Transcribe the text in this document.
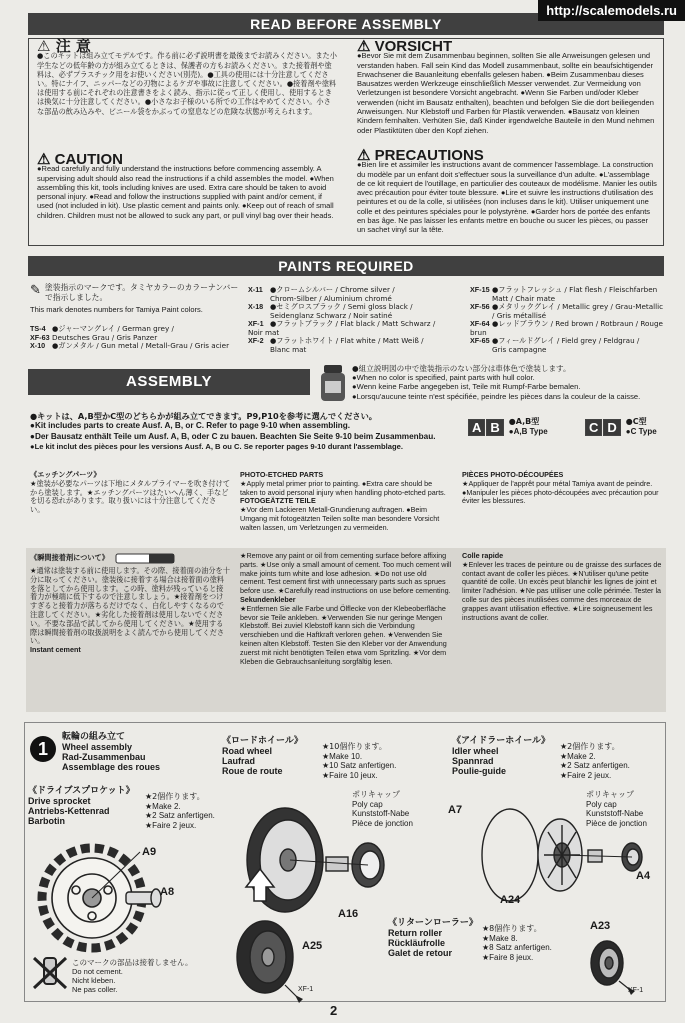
http://scalemodels.ru
READ BEFORE ASSEMBLY
⚠ 注 意
●このキットは組み立てモデルです。作る前に必ず説明書を最後までお読みください。また小学生などの低年齢の方が組み立てるときは、保護者の方もお読みください。また接着剤や塗料は、必ずプラスチック用をお使いください(別売)。●工具の使用には十分注意してください。特にナイフ、ニッパーなどの刃物によるケガや事故に注意してください。●接着剤や塗料は使用する前にそれぞれの注意書きをよく読み、指示に従って正しく使用し、使用するときは換気に十分注意してください。●小さなお子様のいる所での工作はやめてください。小さな部品の飲み込みや、ビニール袋をかぶっての窒息などの危険な状態が考えられます。
⚠ VORSICHT
●Bevor Sie mit dem Zusammenbau beginnen, sollten Sie alle Anweisungen gelesen und verstanden haben. Fall sein Kind das Modell zusammenbaut, sollte ein beaufsichtigender Erwachsener die Bauanleitung ebenfalls gelesen haben. ●Beim Zusammenbau dieses Bausatzes werden Werkzeuge einschließlich Messer verwendet. Zur Vermeidung von Verletzungen ist besondere Vorsicht angebracht. ●Wenn Sie Farben und/oder Kleber verwenden (nicht im Bausatz enthalten), beachten und befolgen Sie die dort beiliegenden Anweisungen. Nur Klebstoff und Farben für Plastik verwenden. ●Bausatz von kleinen Kindern fernhalten. Verhüten Sie, daß Kinder irgendwelche Bauteile in den Mund nehmen oder Plastiktüten über den Kopf ziehen.
⚠ CAUTION
●Read carefully and fully understand the instructions before commencing assembly. A supervising adult should also read the instructions if a child assembles the model. ●When assembling this kit, tools including knives are used. Extra care should be taken to avoid personal injury. ●Read and follow the instructions supplied with paint and/or cement, if used (not included in kit). Use plastic cement and paints only. ●Keep out of reach of small children. Children must not be allowed to suck any part, or pull vinyl bag over their heads.
⚠ PRECAUTIONS
●Bien lire et assimiler les instructions avant de commencer l'assemblage. La construction du modèle par un enfant doit s'effectuer sous la surveillance d'un adulte. ●L'assemblage de ce kit requiert de l'outillage, en particulier des couteaux de modélisme. Manier les outils avec précaution pour éviter toute blessure. ●Lire et suivre les instructions d'utilisation des peintures et ou de la colle, si utilisées (non incluses dans le kit). Utiliser uniquement une colle et des peintures spéciales pour le polystyrène. ●Garder hors de portée des enfants en bas âge. Ne pas laisser les enfants mettre en bouche ou sucer les pièces, ou passer un sachet vinyl sur la tête.
PAINTS REQUIRED
✎ 塗装指示のマークです。タミヤカラーのカラーナンバーで指示しました。
This mark denotes numbers for Tamiya Paint colors.
TS-4 ●ジャーマングレイ / German grey /
XF-63 Deutsches Grau / Gris Panzer
X-10 ●ガンメタル / Gun metal / Metall-Grau / Gris acier
X-11 ●クロームシルバー / Chrome silver /
Chrom-Silber / Aluminium chromé
X-18 ●セミグロスブラック / Semi gloss black /
Seidenglanz Schwarz / Noir satiné
XF-1 ●フラットブラック / Flat black / Matt Schwarz / Noir mat
XF-2 ●フラットホワイト / Flat white / Matt Weiß /
Blanc mat
XF-15 ●フラットフレッシュ / Flat flesh / Fleischfarben
Matt / Chair mate
XF-56 ●メタリックグレイ / Metallic grey / Grau-Metallic
/ Gris métallisé
XF-64 ●レッドブラウン / Red brown / Rotbraun / Rouge brun
XF-65 ●フィールドグレイ / Field grey / Feldgrau /
Gris campagne
ASSEMBLY
●組立説明図の中で塗装指示のない部分は車体色で塗装します。
●When no color is specified, paint parts with hull color.
●Wenn keine Farbe angegeben ist, Teile mit Rumpf-Farbe bemalen.
●Lorsqu'aucune teinte n'est spécifiée, peindre les pièces dans la couleur de la caisse.
●キットは、A,B型かC型のどちらかが組み立てできます。P9,P10を参考に選んでください。
●Kit includes parts to create Ausf. A, B, or C. Refer to page 9-10 when assembling.
●Der Bausatz enthält Teile um Ausf. A, B, oder C zu bauen. Beachten Sie Seite 9-10 beim Zusammenbau.
●Le kit inclut des pièces pour les versions Ausf. A, B ou C. Se reporter pages 9-10 durant l'assemblage.
A B	●A,B型
●A,B Type	C D	●C型
●C Type
《エッチングパーツ》
★塗装が必要なパーツは下地にメタルプライマーを吹き付けてから塗装します。★エッチングパーツはたいへん薄く、手などを切る恐れがあります。取り扱いには十分注意してください。
PHOTO-ETCHED PARTS
★Apply metal primer prior to painting. ●Extra care should be taken to avoid personal injury when handling photo-etched parts.
FOTOGEÄTZTE TEILE
★Vor dem Lackieren Metall-Grundierung auftragen. ●Beim Umgang mit fotogeätzten Teilen sollte man besondere Vorsicht walten lassen, um Verletzungen zu vermeiden.
PIÈCES PHOTO-DÉCOUPÉES
★Appliquer de l'apprêt pour métal Tamiya avant de peindre. ●Manipuler les pièces photo-découpées avec précaution pour éviter les blessures.
《瞬間接着剤について》
★通常は塗装する前に使用します。その際、接着面の油分を十分に取ってください。塗装後に接着する場合は接着面の塗料を落としてから使用します。この時、塗料が残っていると接着力が極端に低下するので注意しましょう。★接着剤をつけすぎると接着力が落ちるだけでなく、白化しやすくなるので注意してください。★劣化した接着剤は使用しないでください。不要な部品で試してから使用してください。★使用する際は瞬間接着剤の取扱説明をよく読んでから使用してください。
Instant cement
★Remove any paint or oil from cementing surface before affixing parts. ★Use only a small amount of cement. Too much cement will make joints turn white and lose adhesion. ★Do not use old cement. Test cement first with unnecessary parts such as sprues before use. ★Carefully read instructions on use before cementing.
Sekundenkleber
★Entfernen Sie alle Farbe und Ölflecke von der Klebeoberfläche bevor sie Teile ankleben. ★Verwenden Sie nur geringe Mengen Klebstoff. Bei zuviel Klebstoff kann sich die Verbindung verschieben und die Haftkraft verloren gehen. ★Verwenden Sie keinen alten Klebstoff. Testen Sie den Kleber vor der Anwendung zuerst mit nicht benötigten Teilen etwa vom Spritzling. ★Vor dem Kleben die Gebrauchsanleitung sorgfältig lesen.
Colle rapide
★Enlever les traces de peinture ou de graisse des surfaces de contact avant de coller les pièces. ★N'utiliser qu'une petite quantité de colle. Un excès peut blanchir les lignes de joint et limiter l'adhésion. ★Ne pas utiliser une colle périmée. Tester la colle sur des pièces inutilisées comme des morceaux de grappes avant utilisation effective. ★Lire soigneusement les instructions avant de coller.
1
転輪の組み立て
Wheel assembly
Rad-Zusammenbau
Assemblage des roues
《ドライブスプロケット》
Drive sprocket
Antriebs-Kettenrad
Barbotin
★2個作ります。
★Make 2.
★2 Satz anfertigen.
★Faire 2 jeux.
《ロードホイール》
Road wheel
Laufrad
Roue de route
★10個作ります。
★Make 10.
★10 Satz anfertigen.
★Faire 10 jeux.
《アイドラーホイール》
Idler wheel
Spannrad
Poulie-guide
★2個作ります。
★Make 2.
★2 Satz anfertigen.
★Faire 2 jeux.
ポリキャップ
Poly cap
Kunststoff-Nabe
Pièce de jonction
ポリキャップ
Poly cap
Kunststoff-Nabe
Pièce de jonction
《リターンローラー》
Return roller
Rückläufrolle
Galet de retour
★8個作ります。
★Make 8.
★8 Satz anfertigen.
★Faire 8 jeux.
A9
A8
A16
A25
XF-1
A7
A24
A4
A23
XF-1
このマークの部品は接着しません。
Do not cement.
Nicht kleben.
Ne pas coller.
2
